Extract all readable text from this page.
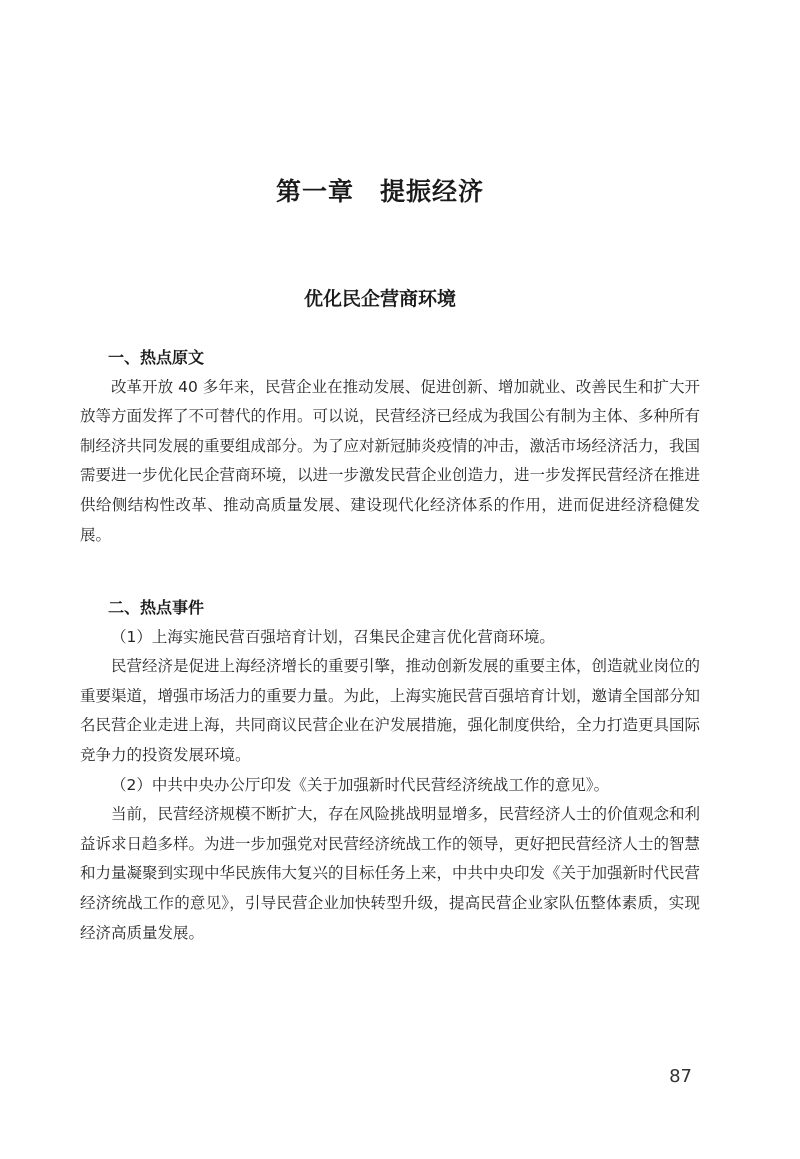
第一章 提振经济
优化民企营商环境
一、热点原文

改革开放 40 多年来，民营企业在推动发展、促进创新、增加就业、改善民生和扩大开放等方面发挥了不可替代的作用。可以说，民营经济已经成为我国公有制为主体、多种所有制经济共同发展的重要组成部分。为了应对新冠肺炎疫情的冲击，激活市场经济活力，我国需要进一步优化民企营商环境，以进一步激发民营企业创造力，进一步发挥民营经济在推进供给侧结构性改革、推动高质量发展、建设现代化经济体系的作用，进而促进经济稳健发展。

二、热点事件

（1）上海实施民营百强培育计划，召集民企建言优化营商环境。

民营经济是促进上海经济增长的重要引擎，推动创新发展的重要主体，创造就业岗位的重要渠道，增强市场活力的重要力量。为此，上海实施民营百强培育计划，邀请全国部分知名民营企业走进上海，共同商议民营企业在沪发展措施，强化制度供给，全力打造更具国际竞争力的投资发展环境。

（2）中共中央办公厅印发《关于加强新时代民营经济统战工作的意见》。

当前，民营经济规模不断扩大，存在风险挑战明显增多，民营经济人士的价值观念和利益诉求日趋多样。为进一步加强党对民营经济统战工作的领导，更好把民营经济人士的智慧和力量凝聚到实现中华民族伟大复兴的目标任务上来，中共中央印发《关于加强新时代民营经济统战工作的意见》，引导民营企业加快转型升级，提高民营企业家队伍整体素质，实现经济高质量发展。

87
